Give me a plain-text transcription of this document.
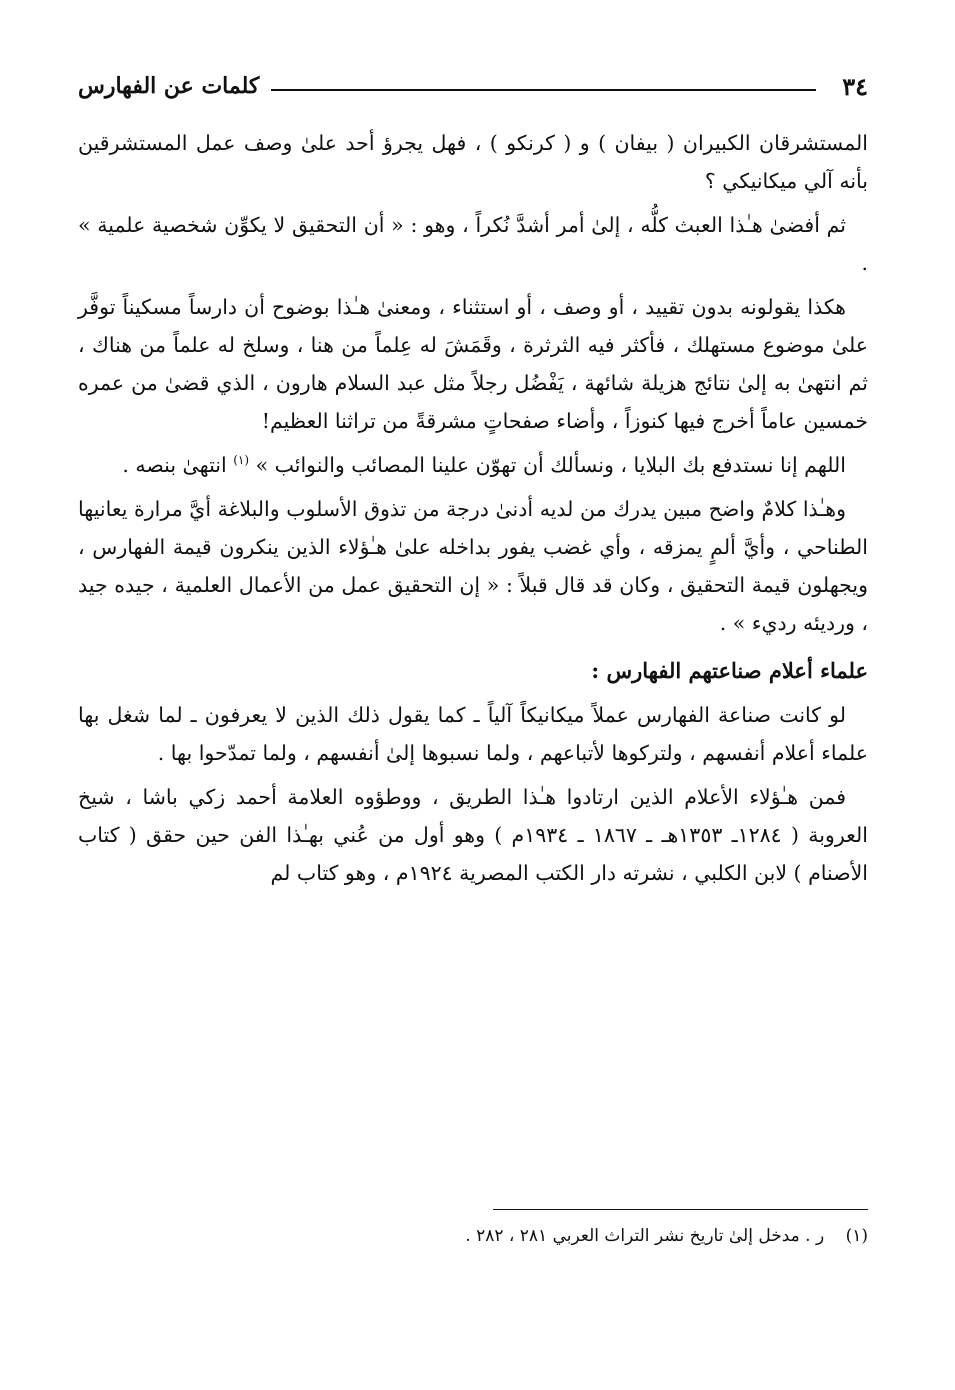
٣٤
كلمات عن الفهارس

المستشرقان الكبيران ( بيفان ) و ( كرنكو ) ، فهل يجرؤ أحد علىٰ وصف عمل المستشرقين بأنه آلي ميكانيكي ؟

ثم أفضىٰ هـٰذا العبث كلُّه ، إلىٰ أمر أشدَّ نُكراً ، وهو : « أن التحقيق لا يكوِّن شخصية علمية » .

هكذا يقولونه بدون تقييد ، أو وصف ، أو استثناء ، ومعنىٰ هـٰذا بوضوح أن دارساً مسكيناً توفَّر علىٰ موضوع مستهلك ، فأكثر فيه الثرثرة ، وقَمَشَ له عِلماً من هنا ، وسلخ له علماً من هناك ، ثم انتهىٰ به إلىٰ نتائج هزيلة شائهة ، يَفْضُل رجلاً مثل عبد السلام هارون ، الذي قضىٰ من عمره خمسين عاماً أخرج فيها كنوزاً ، وأضاء صفحاتٍ مشرقةً من تراثنا العظيم!

اللهم إنا نستدفع بك البلايا ، ونسألك أن تهوّن علينا المصائب والنوائب » $^{(١)}$ انتهىٰ بنصه .

وهـٰذا كلامٌ واضح مبين يدرك من لديه أدنىٰ درجة من تذوق الأسلوب والبلاغة أيَّ مرارة يعانيها الطناحي ، وأيَّ ألمٍ يمزقه ، وأي غضب يفور بداخله علىٰ هـٰؤلاء الذين ينكرون قيمة الفهارس ، ويجهلون قيمة التحقيق ، وكان قد قال قبلاً : « إن التحقيق عمل من الأعمال العلمية ، جيده جيد ، ورديئه رديء » .

علماء أعلام صناعتهم الفهارس :

لو كانت صناعة الفهارس عملاً ميكانيكاً آلياً ـ كما يقول ذلك الذين لا يعرفون ـ لما شغل بها علماء أعلام أنفسهم ، ولتركوها لأتباعهم ، ولما نسبوها إلىٰ أنفسهم ، ولما تمدّحوا بها .

فمن هـٰؤلاء الأعلام الذين ارتادوا هـٰذا الطريق ، ووطؤوه العلامة أحمد زكي باشا ، شيخ العروبة ( ١٢٨٤ـ ١٣٥٣هـ ـ ١٨٦٧ ـ ١٩٣٤م ) وهو أول من عُني بهـٰذا الفن حين حقق ( كتاب الأصنام ) لابن الكلبي ، نشرته دار الكتب المصرية ١٩٢٤م ، وهو كتاب لم

(١) ر . مدخل إلىٰ تاريخ نشر التراث العربي ٢٨١ ، ٢٨٢ .
